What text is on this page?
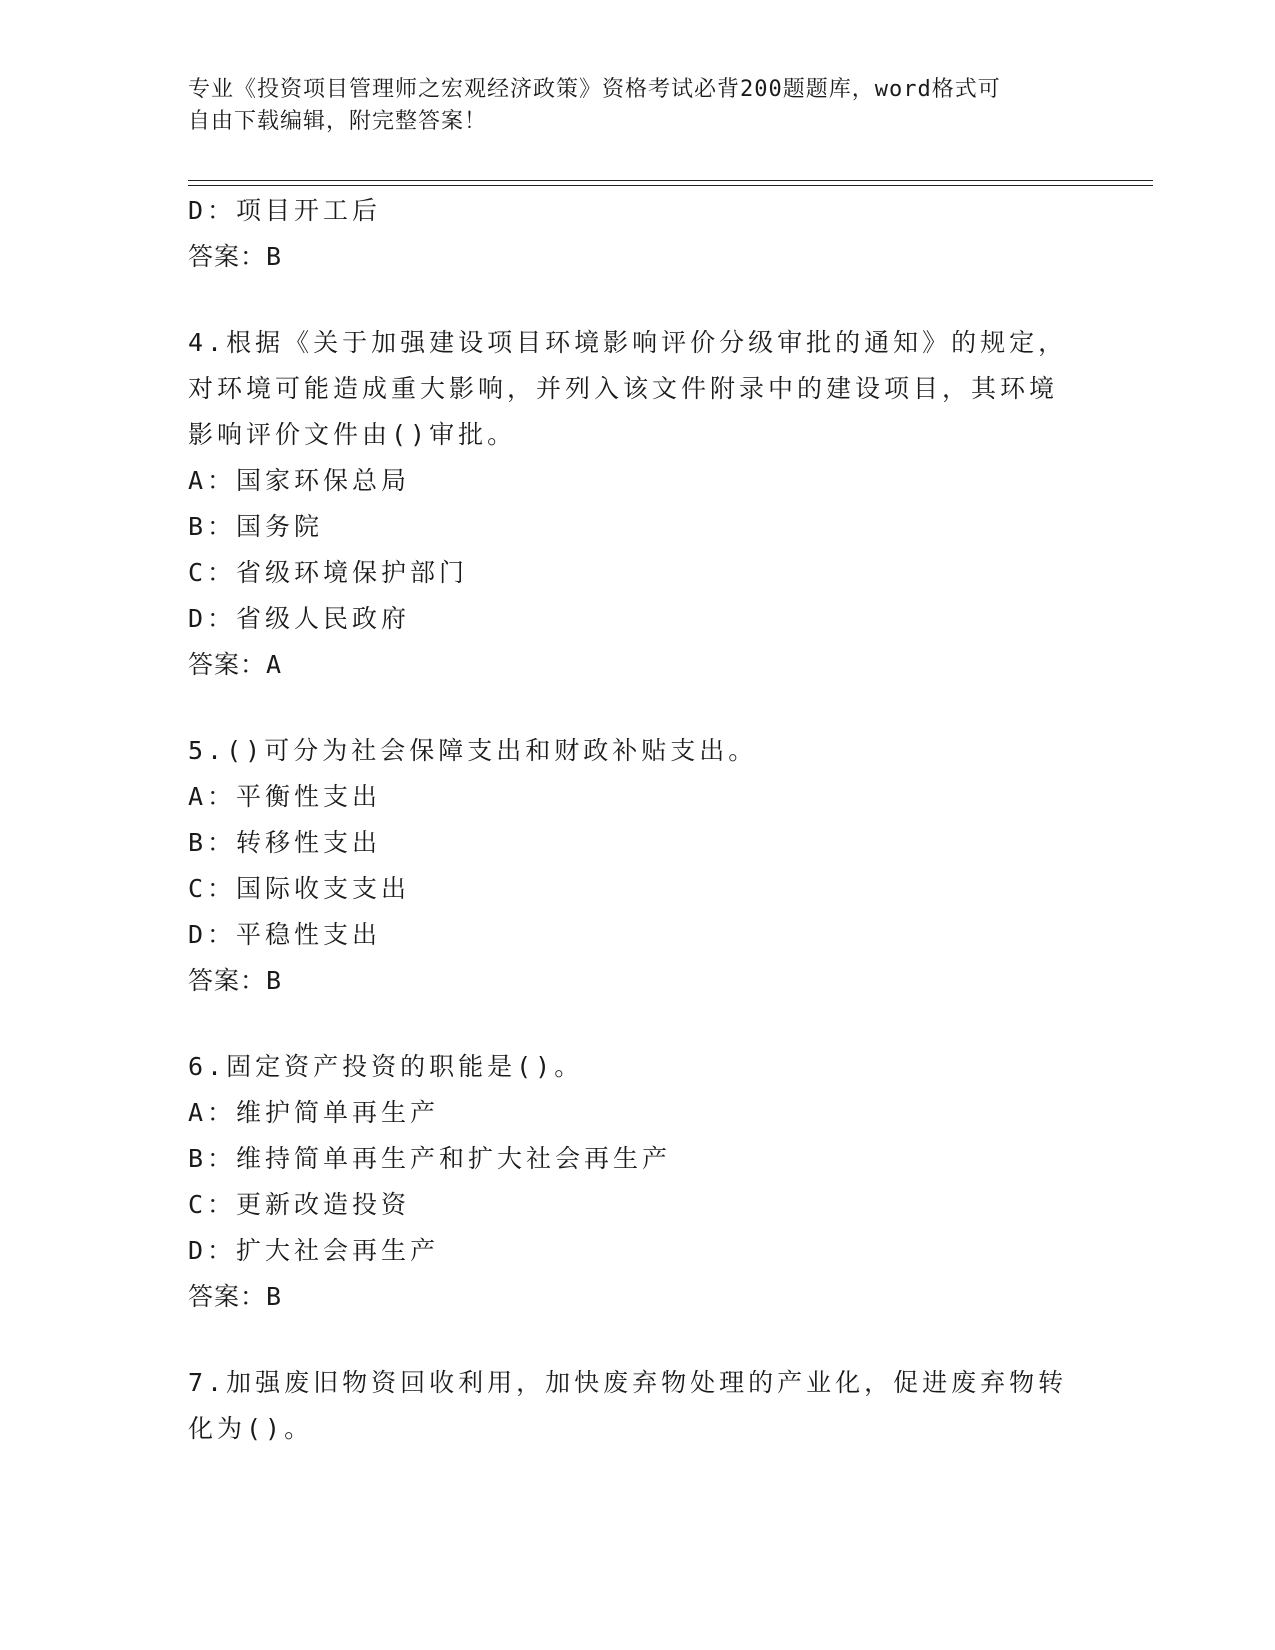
专业《投资项目管理师之宏观经济政策》资格考试必背200题题库，word格式可
自由下载编辑，附完整答案！
D：项目开工后
答案：B
4.根据《关于加强建设项目环境影响评价分级审批的通知》的规定，
对环境可能造成重大影响，并列入该文件附录中的建设项目，其环境
影响评价文件由()审批。
A：国家环保总局
B：国务院
C：省级环境保护部门
D：省级人民政府
答案：A
5.()可分为社会保障支出和财政补贴支出。
A：平衡性支出
B：转移性支出
C：国际收支支出
D：平稳性支出
答案：B
6.固定资产投资的职能是()。
A：维护简单再生产
B：维持简单再生产和扩大社会再生产
C：更新改造投资
D：扩大社会再生产
答案：B
7.加强废旧物资回收利用，加快废弃物处理的产业化，促进废弃物转
化为()。
